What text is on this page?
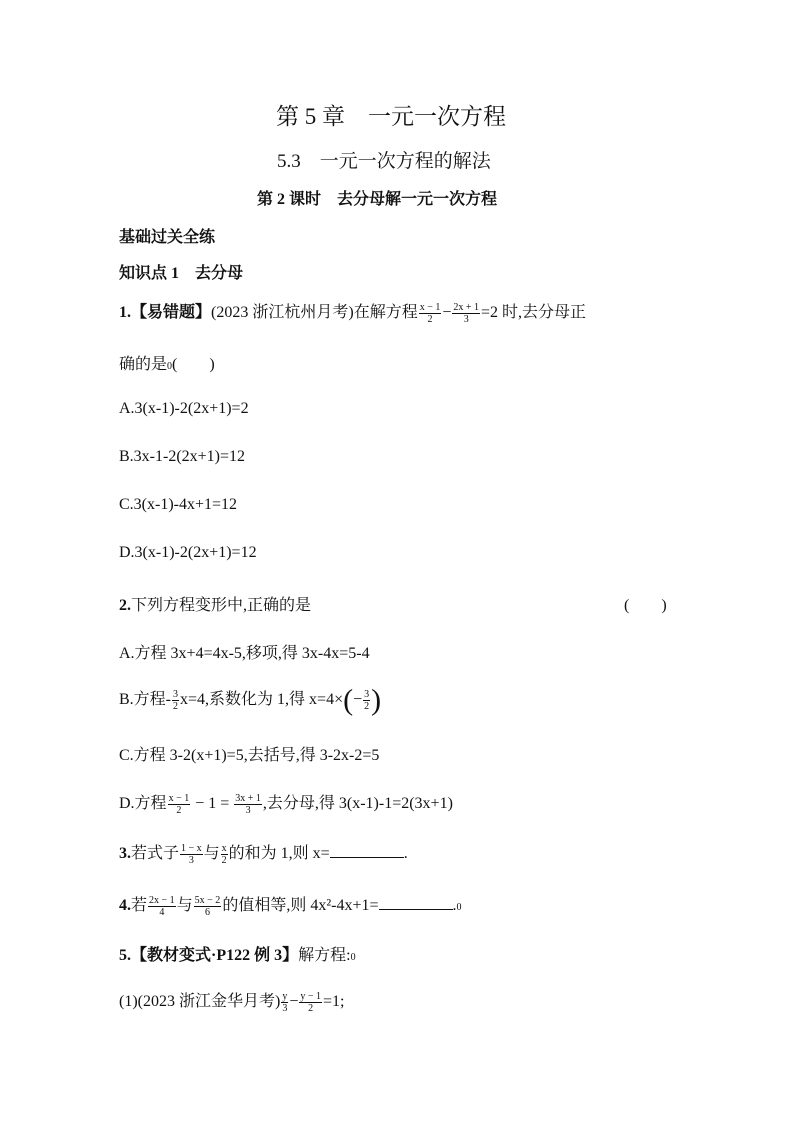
第 5 章　一元一次方程
5.3　一元一次方程的解法
第 2 课时　去分母解一元一次方程
基础过关全练
知识点 1　去分母
1.【易错题】(2023 浙江杭州月考)在解方程 $\frac{x - 1}{2} - \frac{2x + 1}{3} =2$ 时,去分母正
确的是0(　　)
A.3(x-1)-2(2x+1)=2
B.3x-1-2(2x+1)=12
C.3(x-1)-4x+1=12
D.3(x-1)-2(2x+1)=12
2.下列方程变形中,正确的是	(　　)
A.方程 3x+4=4x-5,移项,得 3x-4x=5-4
B.方程- $\frac{3}{2} x=4$,系数化为 1,得 $x=4\times(- \frac{3}{2}$ )
C.方程 3-2(x+1)=5,去括号,得 3-2x-2=5
D.方程 $\frac{x - 1}{2} - 1 = \frac{3x + 1}{3}$ ,去分母,得 3(x-1)-1=2(3x+1)
3.若式子 $\frac{1 - x}{3}$ 与 $\frac{x}{2}$ 的和为 1,则 x=	.
4.若 $\frac{2x - 1}{4}$ 与 $\frac{5x - 2}{6}$ 的值相等,则 4x²-4x+1=	.0
5.【教材变式·P122 例 3】解方程:0
(1)(2023 浙江金华月考) $\frac{y}{3} - \frac{y - 1}{2} =1$;
